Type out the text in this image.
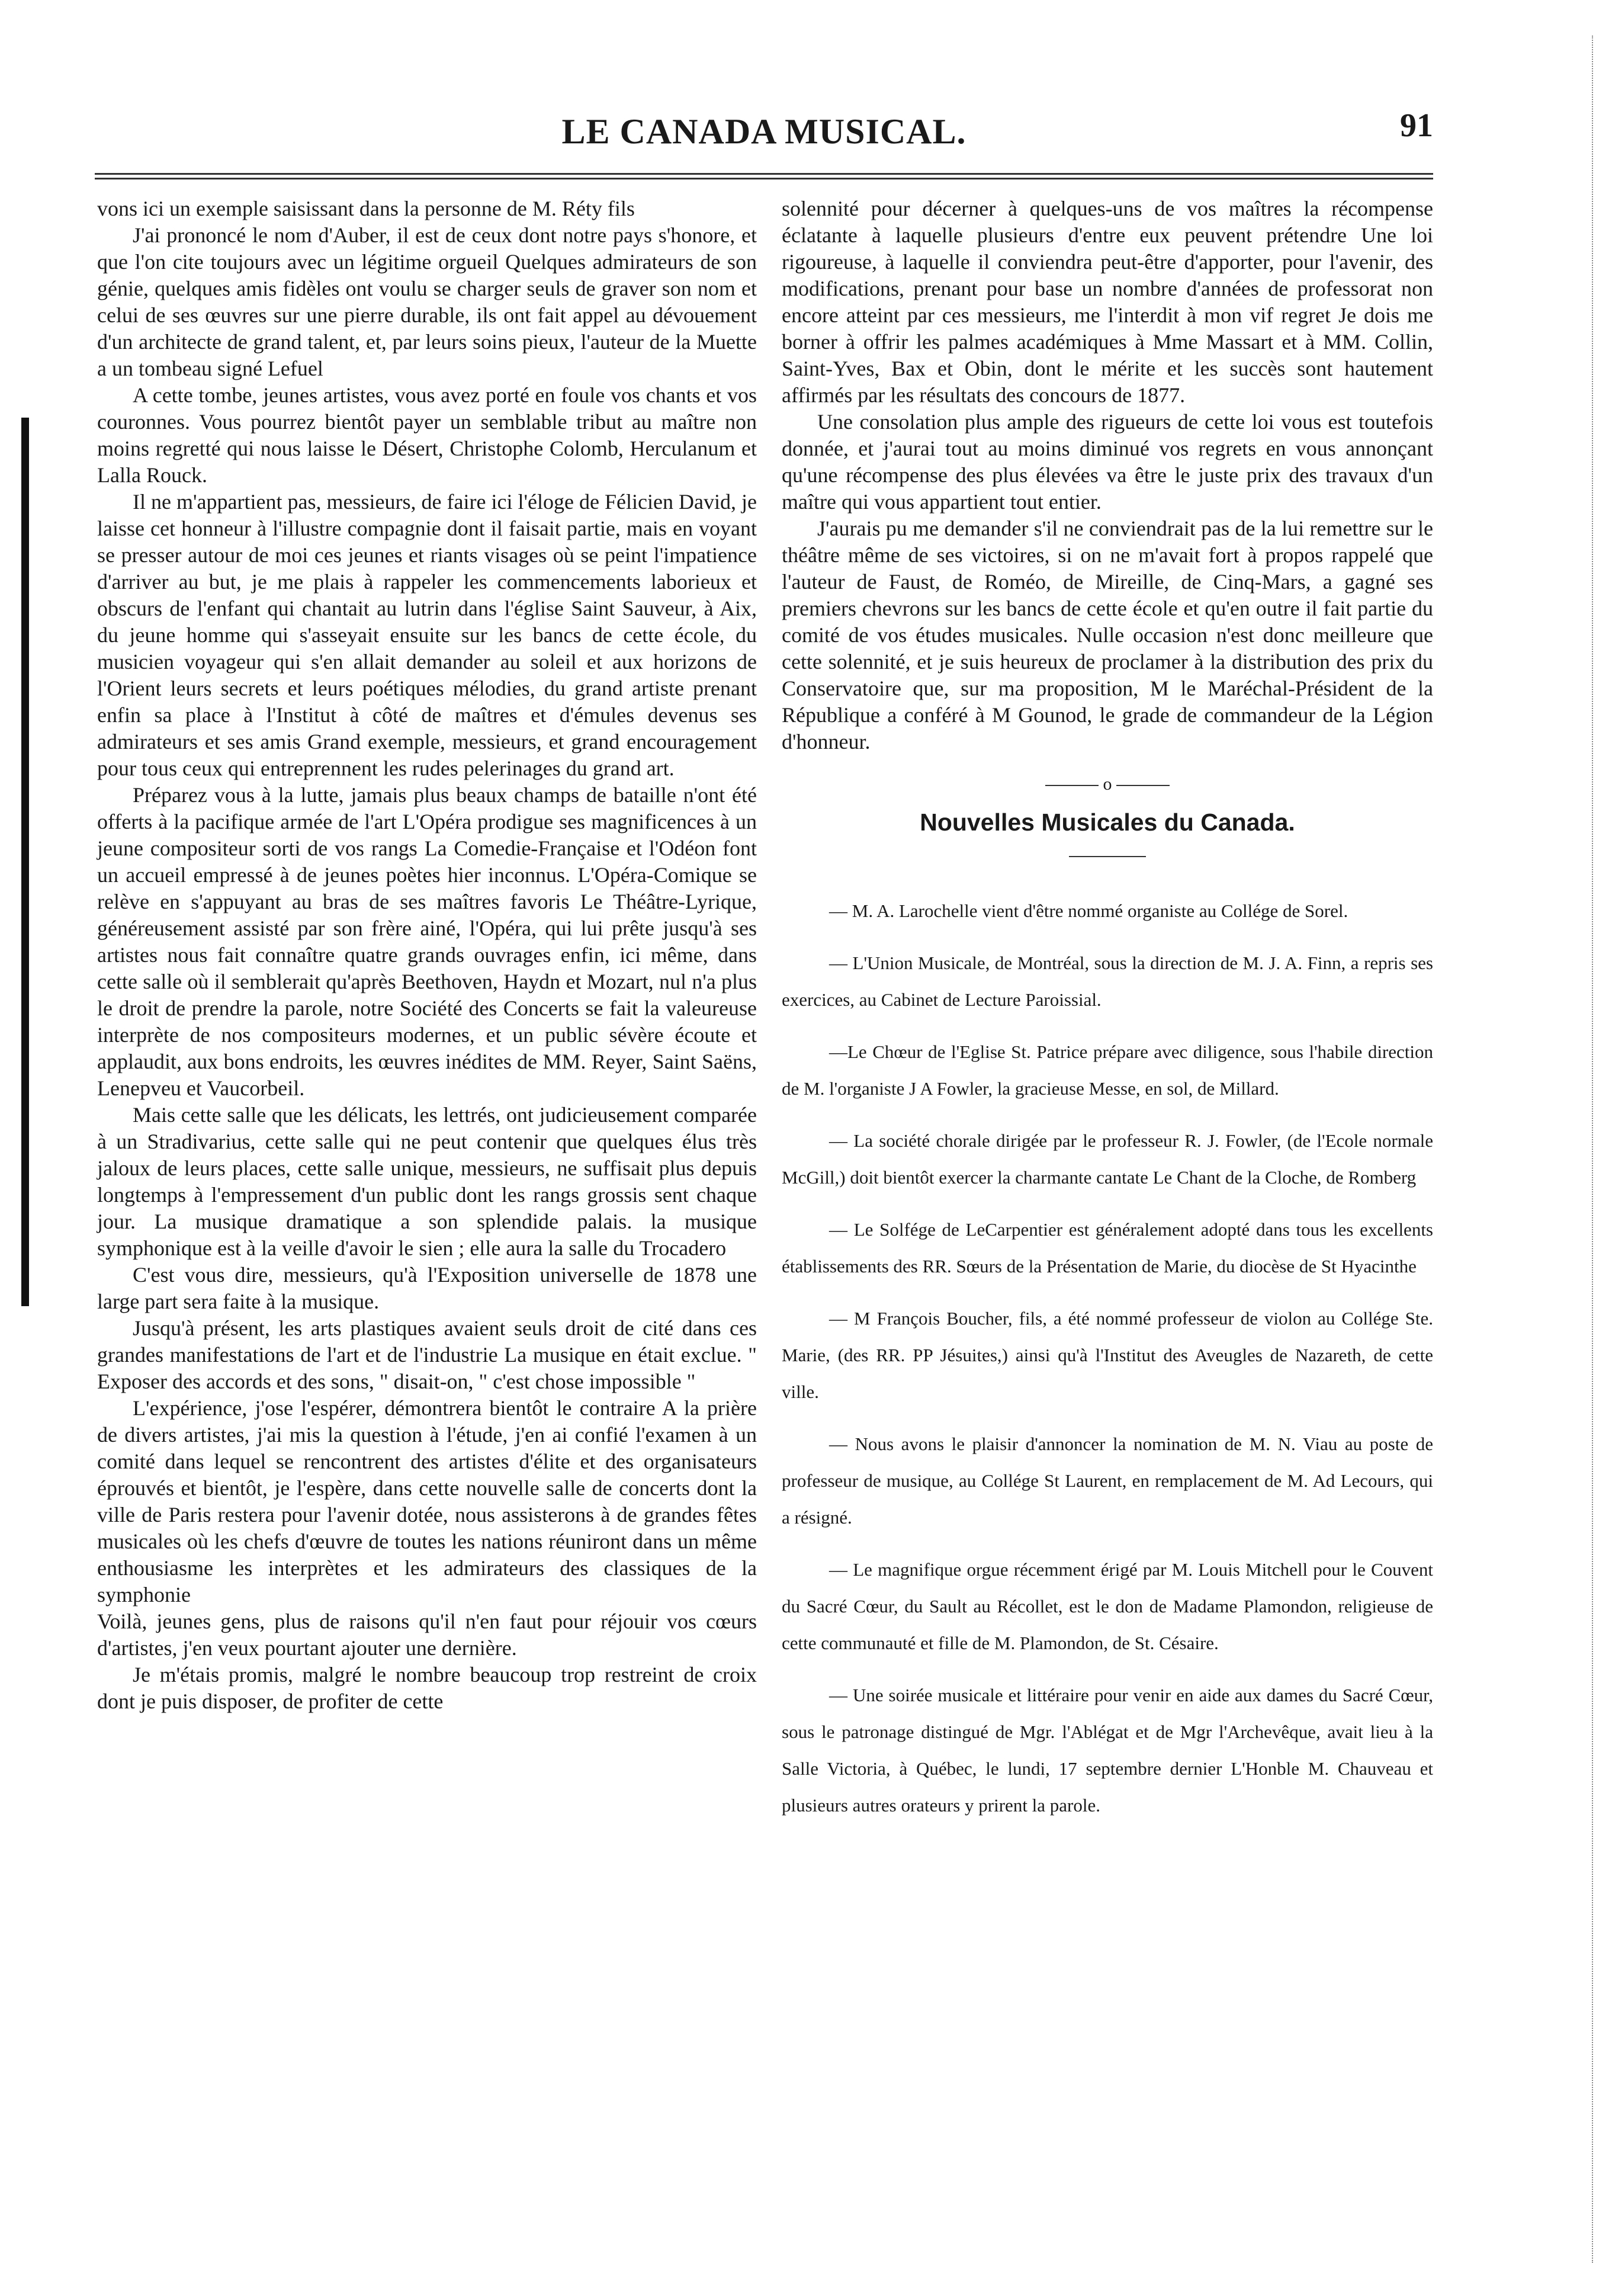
LE CANADA MUSICAL.	91

vons ici un exemple saisissant dans la personne de M. Réty fils

J'ai prononcé le nom d'Auber, il est de ceux dont notre pays s'honore, et que l'on cite toujours avec un légitime orgueil Quelques admirateurs de son génie, quelques amis fidèles ont voulu se charger seuls de graver son nom et celui de ses œuvres sur une pierre durable, ils ont fait appel au dévouement d'un architecte de grand talent, et, par leurs soins pieux, l'auteur de la Muette a un tombeau signé Lefuel

A cette tombe, jeunes artistes, vous avez porté en foule vos chants et vos couronnes. Vous pourrez bientôt payer un semblable tribut au maître non moins regretté qui nous laisse le Désert, Christophe Colomb, Herculanum et Lalla Rouck.

Il ne m'appartient pas, messieurs, de faire ici l'éloge de Félicien David, je laisse cet honneur à l'illustre compagnie dont il faisait partie, mais en voyant se presser autour de moi ces jeunes et riants visages où se peint l'impatience d'arriver au but, je me plais à rappeler les commencements laborieux et obscurs de l'enfant qui chantait au lutrin dans l'église Saint Sauveur, à Aix, du jeune homme qui s'asseyait ensuite sur les bancs de cette école, du musicien voyageur qui s'en allait demander au soleil et aux horizons de l'Orient leurs secrets et leurs poétiques mélodies, du grand artiste prenant enfin sa place à l'Institut à côté de maîtres et d'émules devenus ses admirateurs et ses amis Grand exemple, messieurs, et grand encouragement pour tous ceux qui entreprennent les rudes pelerinages du grand art.

Préparez vous à la lutte, jamais plus beaux champs de bataille n'ont été offerts à la pacifique armée de l'art L'Opéra prodigue ses magnificences à un jeune compositeur sorti de vos rangs La Comedie-Française et l'Odéon font un accueil empressé à de jeunes poètes hier inconnus. L'Opéra-Comique se relève en s'appuyant au bras de ses maîtres favoris Le Théâtre-Lyrique, généreusement assisté par son frère ainé, l'Opéra, qui lui prête jusqu'à ses artistes nous fait connaître quatre grands ouvrages enfin, ici même, dans cette salle où il semblerait qu'après Beethoven, Haydn et Mozart, nul n'a plus le droit de prendre la parole, notre Société des Concerts se fait la valeureuse interprète de nos compositeurs modernes, et un public sévère écoute et applaudit, aux bons endroits, les œuvres inédites de MM. Reyer, Saint Saëns, Lenepveu et Vaucorbeil.

Mais cette salle que les délicats, les lettrés, ont judicieusement comparée à un Stradivarius, cette salle qui ne peut contenir que quelques élus très jaloux de leurs places, cette salle unique, messieurs, ne suffisait plus depuis longtemps à l'empressement d'un public dont les rangs grossis sent chaque jour. La musique dramatique a son splendide palais. la musique symphonique est à la veille d'avoir le sien ; elle aura la salle du Trocadero

C'est vous dire, messieurs, qu'à l'Exposition universelle de 1878 une large part sera faite à la musique.

Jusqu'à présent, les arts plastiques avaient seuls droit de cité dans ces grandes manifestations de l'art et de l'industrie La musique en était exclue. " Exposer des accords et des sons, " disait-on, " c'est chose impossible "

L'expérience, j'ose l'espérer, démontrera bientôt le contraire A la prière de divers artistes, j'ai mis la question à l'étude, j'en ai confié l'examen à un comité dans lequel se rencontrent des artistes d'élite et des organisateurs éprouvés et bientôt, je l'espère, dans cette nouvelle salle de concerts dont la ville de Paris restera pour l'avenir dotée, nous assisterons à de grandes fêtes musicales où les chefs d'œuvre de toutes les nations réuniront dans un même enthousiasme les interprètes et les admirateurs des classiques de la symphonie

Voilà, jeunes gens, plus de raisons qu'il n'en faut pour réjouir vos cœurs d'artistes, j'en veux pourtant ajouter une dernière.

Je m'étais promis, malgré le nombre beaucoup trop restreint de croix dont je puis disposer, de profiter de cette

solennité pour décerner à quelques-uns de vos maîtres la récompense éclatante à laquelle plusieurs d'entre eux peuvent prétendre Une loi rigoureuse, à laquelle il conviendra peut-être d'apporter, pour l'avenir, des modifications, prenant pour base un nombre d'années de professorat non encore atteint par ces messieurs, me l'interdit à mon vif regret Je dois me borner à offrir les palmes académiques à Mme Massart et à MM. Collin, Saint-Yves, Bax et Obin, dont le mérite et les succès sont hautement affirmés par les résultats des concours de 1877.

Une consolation plus ample des rigueurs de cette loi vous est toutefois donnée, et j'aurai tout au moins diminué vos regrets en vous annonçant qu'une récompense des plus élevées va être le juste prix des travaux d'un maître qui vous appartient tout entier.

J'aurais pu me demander s'il ne conviendrait pas de la lui remettre sur le théâtre même de ses victoires, si on ne m'avait fort à propos rappelé que l'auteur de Faust, de Roméo, de Mireille, de Cinq-Mars, a gagné ses premiers chevrons sur les bancs de cette école et qu'en outre il fait partie du comité de vos études musicales. Nulle occasion n'est donc meilleure que cette solennité, et je suis heureux de proclamer à la distribution des prix du Conservatoire que, sur ma proposition, M le Maréchal-Président de la République a conféré à M Gounod, le grade de commandeur de la Légion d'honneur.

o
Nouvelles Musicales du Canada.

— M. A. Larochelle vient d'être nommé organiste au Collége de Sorel.

— L'Union Musicale, de Montréal, sous la direction de M. J. A. Finn, a repris ses exercices, au Cabinet de Lecture Paroissial.

—Le Chœur de l'Eglise St. Patrice prépare avec diligence, sous l'habile direction de M. l'organiste J A Fowler, la gracieuse Messe, en sol, de Millard.

— La société chorale dirigée par le professeur R. J. Fowler, (de l'Ecole normale McGill,) doit bientôt exercer la charmante cantate Le Chant de la Cloche, de Romberg

— Le Solfége de LeCarpentier est généralement adopté dans tous les excellents établissements des RR. Sœurs de la Présentation de Marie, du diocèse de St Hyacinthe

— M François Boucher, fils, a été nommé professeur de violon au Collége Ste. Marie, (des RR. PP Jésuites,) ainsi qu'à l'Institut des Aveugles de Nazareth, de cette ville.

— Nous avons le plaisir d'annoncer la nomination de M. N. Viau au poste de professeur de musique, au Collége St Laurent, en remplacement de M. Ad Lecours, qui a résigné.

— Le magnifique orgue récemment érigé par M. Louis Mitchell pour le Couvent du Sacré Cœur, du Sault au Récollet, est le don de Madame Plamondon, religieuse de cette communauté et fille de M. Plamondon, de St. Césaire.

— Une soirée musicale et littéraire pour venir en aide aux dames du Sacré Cœur, sous le patronage distingué de Mgr. l'Ablégat et de Mgr l'Archevêque, avait lieu à la Salle Victoria, à Québec, le lundi, 17 septembre dernier L'Honble M. Chauveau et plusieurs autres orateurs y prirent la parole.
